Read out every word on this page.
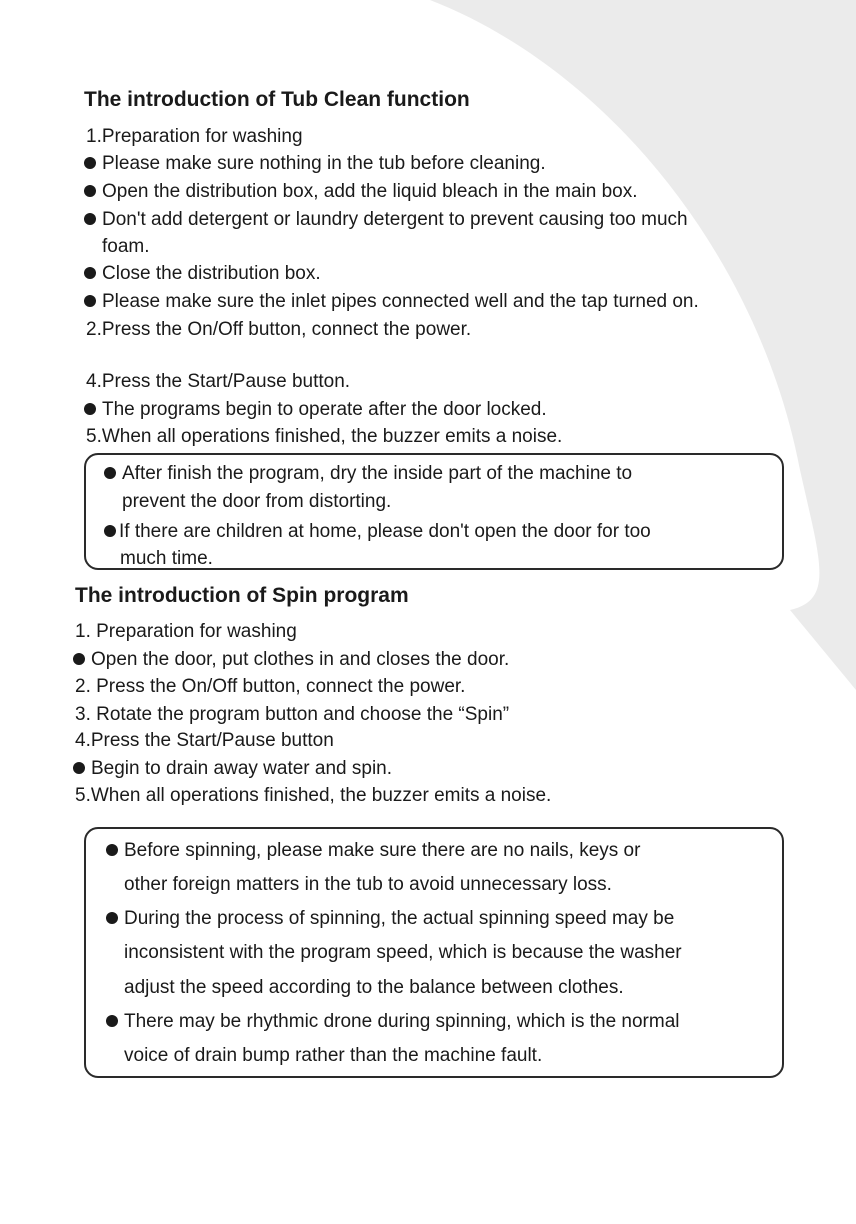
The introduction of Tub Clean function
1.Preparation for washing
Please make sure nothing in the tub before cleaning.
Open the distribution box, add the liquid bleach in the main box.
Don't add detergent or laundry detergent to prevent causing too much
foam.
Close the distribution box.
Please make sure the inlet pipes connected well and the tap turned on.
2.Press the On/Off button, connect the power.
4.Press the Start/Pause button.
The programs begin to operate after the door locked.
5.When all operations finished, the buzzer emits a noise.
After finish the program, dry the inside part of the machine to
prevent the door from distorting.
If there are children at home, please don't open the door for too
much time.
The introduction of Spin program
1. Preparation for washing
Open the door, put clothes in and closes the door.
2. Press the On/Off button, connect the power.
3. Rotate the program button and choose the “Spin”
4.Press the Start/Pause button
Begin to drain away water and spin.
5.When all operations finished, the buzzer emits a noise.
Before spinning, please make sure there are no nails, keys or
other foreign matters in the tub to avoid unnecessary loss.
During the process of spinning, the actual spinning speed may be
inconsistent with the program speed, which is because the washer
adjust the speed according to the balance between clothes.
There may be rhythmic drone during spinning, which is the normal
voice of drain bump rather than the machine fault.
